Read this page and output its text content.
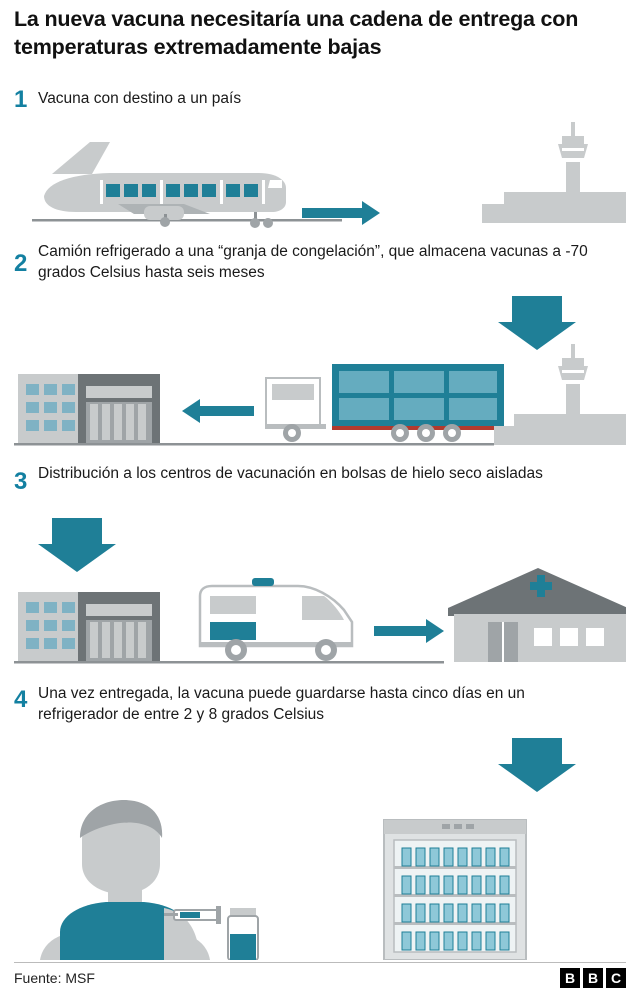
La nueva vacuna necesitaría una cadena de entrega con temperaturas extremadamente bajas
1 Vacuna con destino a un país
2 Camión refrigerado a una “granja de congelación”, que almacena vacunas a -70 grados Celsius hasta seis meses
3 Distribución a los centros de vacunación en bolsas de hielo seco aisladas
4 Una vez entregada, la vacuna puede guardarse hasta cinco días en un refrigerador de entre 2 y 8 grados Celsius
Fuente: MSF	B B C
